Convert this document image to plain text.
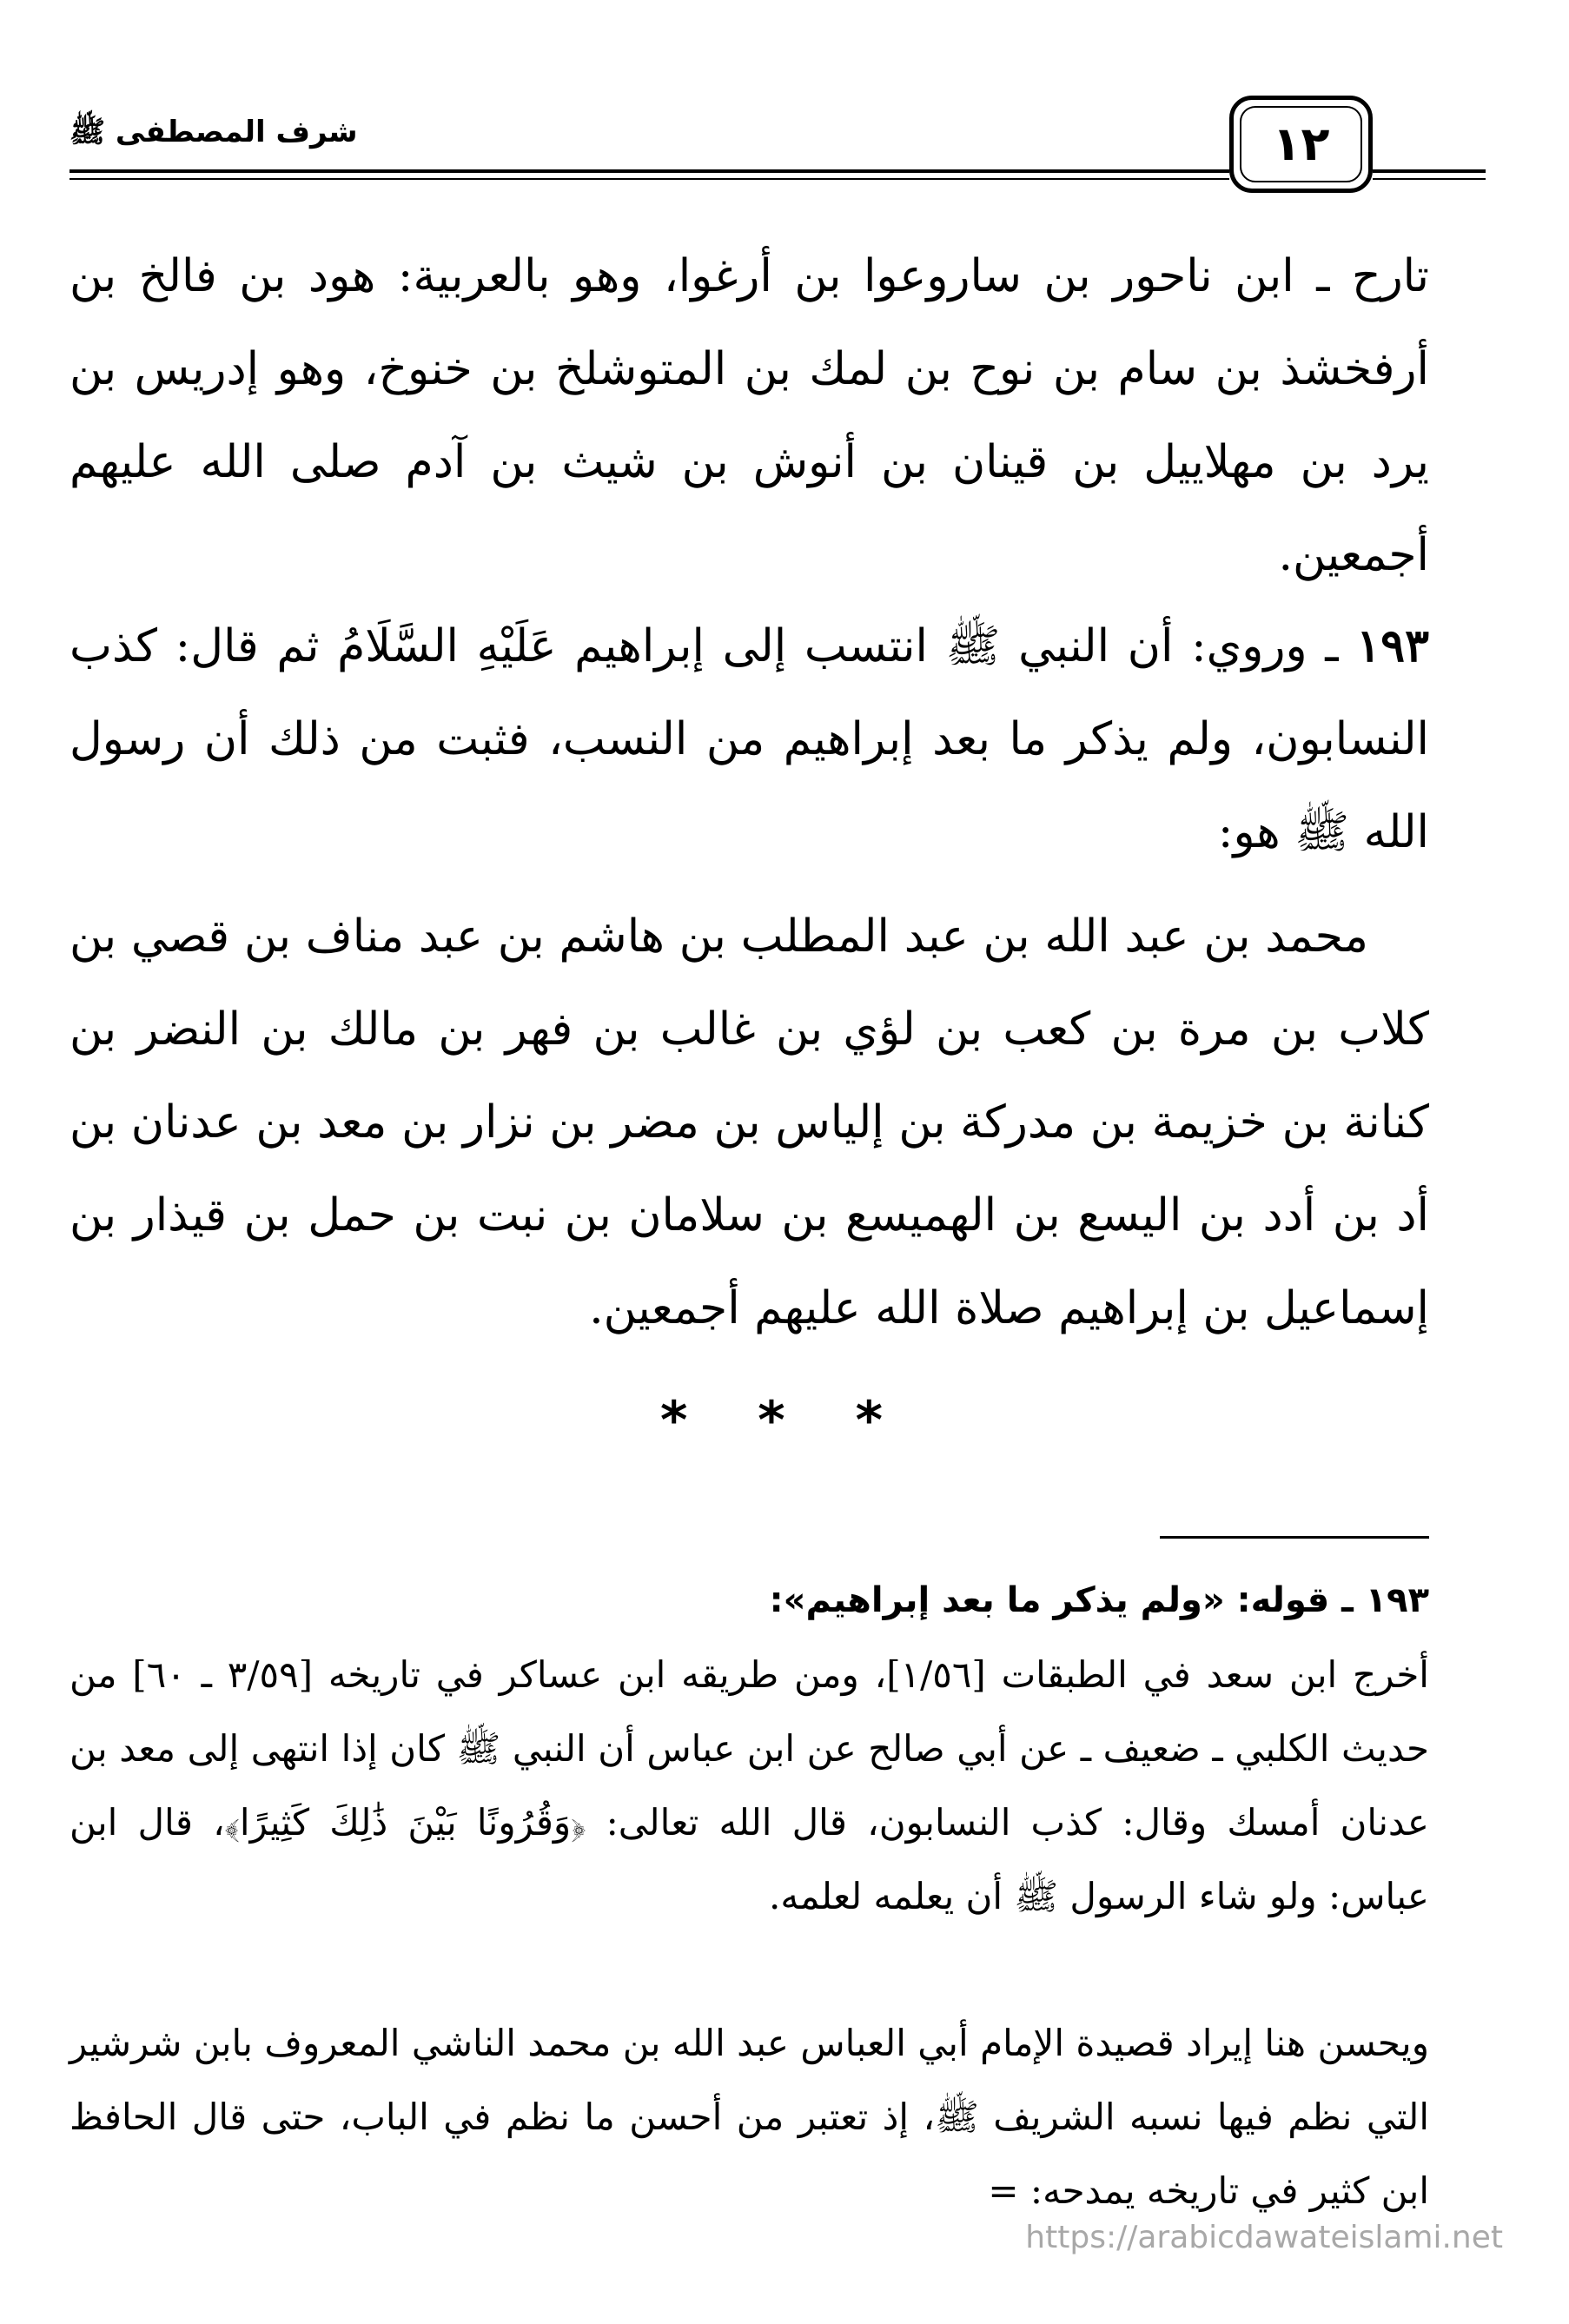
شرف المصطفى ﷺ	١٢
تارح ـ ابن ناحور بن ساروعوا بن أرغوا، وهو بالعربية: هود بن فالخ بن أرفخشذ بن سام بن نوح بن لمك بن المتوشلخ بن خنوخ، وهو إدريس بن يرد بن مهلاييل بن قينان بن أنوش بن شيث بن آدم صلى الله عليهم أجمعين.
١٩٣ ـ وروي: أن النبي ﷺ انتسب إلى إبراهيم عَلَيْهِ السَّلَامُ ثم قال: كذب النسابون، ولم يذكر ما بعد إبراهيم من النسب، فثبت من ذلك أن رسول الله ﷺ هو:
محمد بن عبد الله بن عبد المطلب بن هاشم بن عبد مناف بن قصي بن كلاب بن مرة بن كعب بن لؤي بن غالب بن فهر بن مالك بن النضر بن كنانة بن خزيمة بن مدركة بن إلياس بن مضر بن نزار بن معد بن عدنان بن أد بن أدد بن اليسع بن الهميسع بن سلامان بن نبت بن حمل بن قيذار بن إسماعيل بن إبراهيم صلاة الله عليهم أجمعين.
* * *
١٩٣ ـ قوله: «ولم يذكر ما بعد إبراهيم»:
أخرج ابن سعد في الطبقات [١/٥٦]، ومن طريقه ابن عساكر في تاريخه [٣/٥٩ ـ ٦٠] من حديث الكلبي ـ ضعيف ـ عن أبي صالح عن ابن عباس أن النبي ﷺ كان إذا انتهى إلى معد بن عدنان أمسك وقال: كذب النسابون، قال الله تعالى: ﴿وَقُرُونًا بَيْنَ ذَٰلِكَ كَثِيرًا﴾، قال ابن عباس: ولو شاء الرسول ﷺ أن يعلمه لعلمه.
ويحسن هنا إيراد قصيدة الإمام أبي العباس عبد الله بن محمد الناشي المعروف بابن شرشير التي نظم فيها نسبه الشريف ﷺ، إذ تعتبر من أحسن ما نظم في الباب، حتى قال الحافظ ابن كثير في تاريخه يمدحه: =
https://arabicdawateislami.net
